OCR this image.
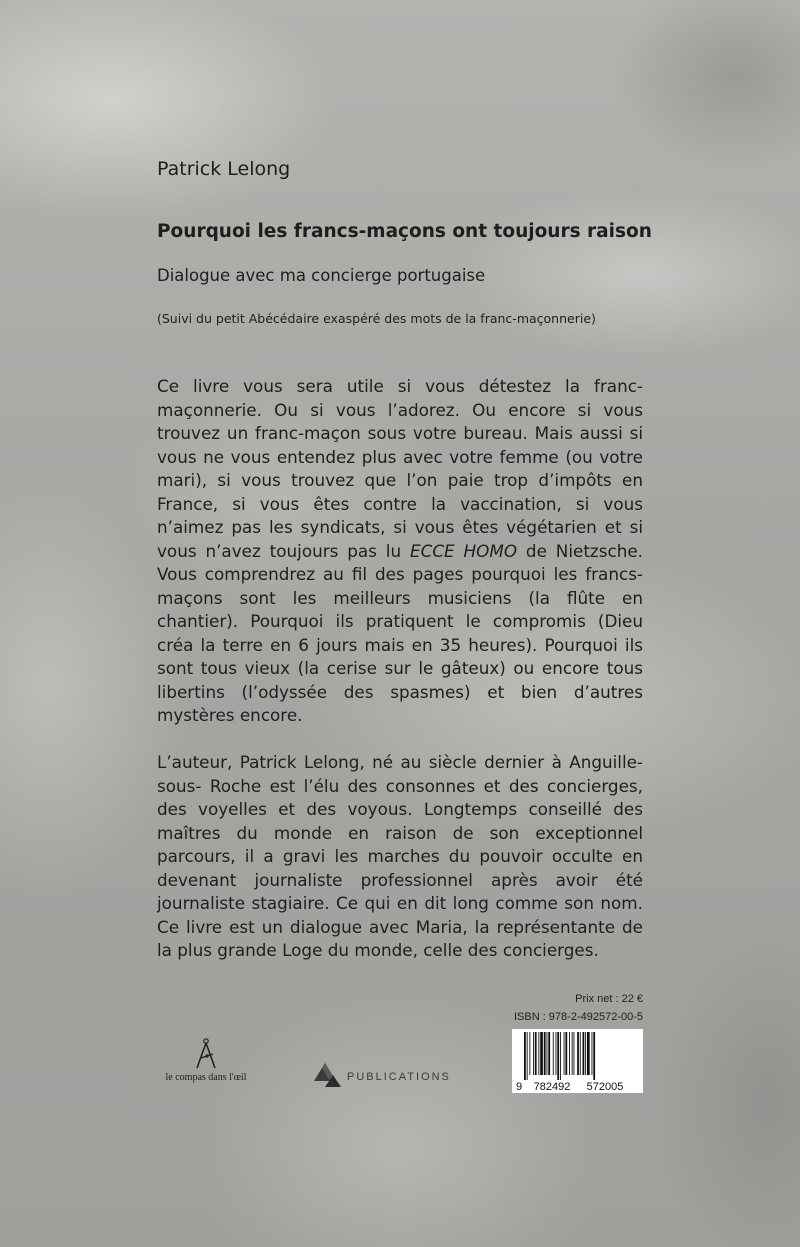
Patrick Lelong

Pourquoi les francs-maçons ont toujours raison

Dialogue avec ma concierge portugaise

(Suivi du petit Abécédaire exaspéré des mots de la franc-maçonnerie)

Ce livre vous sera utile si vous détestez la franc-maçonnerie. Ou si vous l’adorez. Ou encore si vous trouvez un franc-maçon sous votre bureau. Mais aussi si vous ne vous entendez plus avec votre femme (ou votre mari), si vous trouvez que l’on paie trop d’impôts en France, si vous êtes contre la vaccination, si vous n’aimez pas les syndicats, si vous êtes végétarien et si vous n’avez toujours pas lu ECCE HOMO de Nietzsche. Vous comprendrez au fil des pages pourquoi les francs-maçons sont les meilleurs musiciens (la flûte en chantier). Pourquoi ils pratiquent le compromis (Dieu créa la terre en 6 jours mais en 35 heures). Pourquoi ils sont tous vieux (la cerise sur le gâteux) ou encore tous libertins (l’odyssée des spasmes) et bien d’autres mystères encore.

L’auteur, Patrick Lelong, né au siècle dernier à Anguille-sous- Roche est l’élu des consonnes et des concierges, des voyelles et des voyous. Longtemps conseillé des maîtres du monde en raison de son exceptionnel parcours, il a gravi les marches du pouvoir occulte en devenant journaliste professionnel après avoir été journaliste stagiaire. Ce qui en dit long comme son nom. Ce livre est un dialogue avec Maria, la représentante de la plus grande Loge du monde, celle des concierges.

Prix net : 22 €
ISBN : 978-2-492572-00-5
9 782492 572005
le compas dans l'œil	PUBLICATIONS
